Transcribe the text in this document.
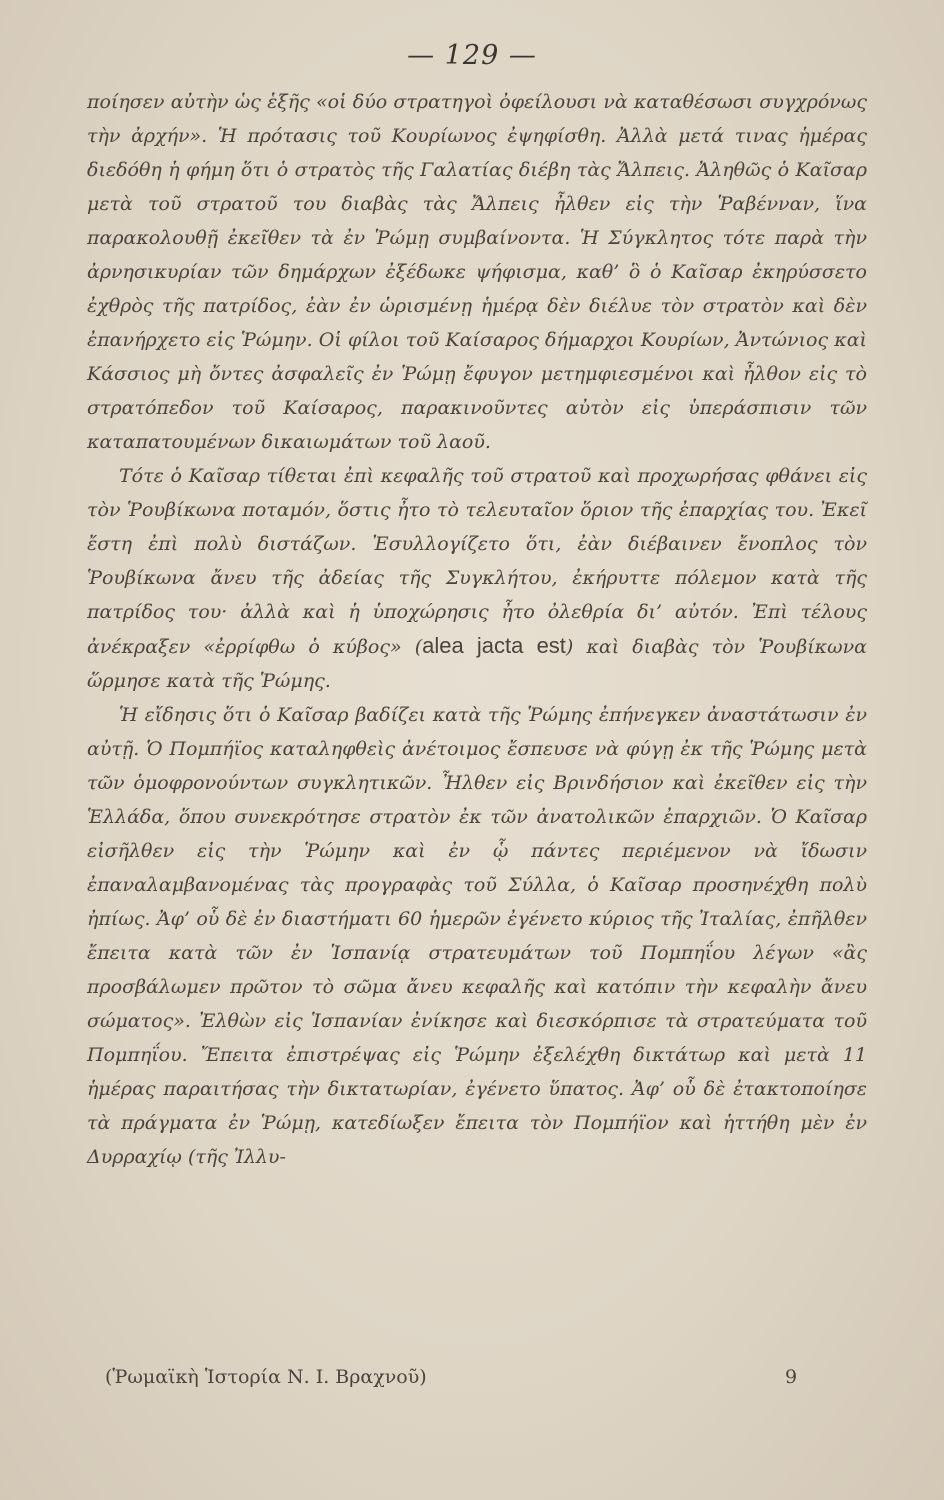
— 129 —

ποίησεν αὐτὴν ὡς ἑξῆς «οἱ δύο στρατηγοὶ ὀφείλουσι νὰ καταθέσωσι συγχρόνως τὴν ἀρχήν». Ἡ πρότασις τοῦ Κουρίωνος ἐψηφίσθη. Ἀλλὰ μετά τινας ἡμέρας διεδόθη ἡ φήμη ὅτι ὁ στρατὸς τῆς Γαλατίας διέβη τὰς Ἄλπεις. Ἀληθῶς ὁ Καῖσαρ μετὰ τοῦ στρατοῦ του διαβὰς τὰς Ἄλπεις ἦλθεν εἰς τὴν Ῥαβένναν, ἵνα παρακολουθῇ ἐκεῖθεν τὰ ἐν Ῥώμῃ συμβαίνοντα. Ἡ Σύγκλητος τότε παρὰ τὴν ἀρνησικυρίαν τῶν δημάρχων ἐξέδωκε ψήφισμα, καθ’ ὃ ὁ Καῖσαρ ἐκηρύσσετο ἐχθρὸς τῆς πατρίδος, ἐὰν ἐν ὡρισμένῃ ἡμέρᾳ δὲν διέλυε τὸν στρατὸν καὶ δὲν ἐπανήρχετο εἰς Ῥώμην. Οἱ φίλοι τοῦ Καίσαρος δήμαρχοι Κουρίων, Ἀντώνιος καὶ Κάσσιος μὴ ὄντες ἀσφαλεῖς ἐν Ῥώμῃ ἔφυγον μετημφιεσμένοι καὶ ἦλθον εἰς τὸ στρατόπεδον τοῦ Καίσαρος, παρακινοῦντες αὐτὸν εἰς ὑπεράσπισιν τῶν καταπατουμένων δικαιωμάτων τοῦ λαοῦ.

Τότε ὁ Καῖσαρ τίθεται ἐπὶ κεφαλῆς τοῦ στρατοῦ καὶ προχωρήσας φθάνει εἰς τὸν Ῥουβίκωνα ποταμόν, ὅστις ἦτο τὸ τελευταῖον ὅριον τῆς ἐπαρχίας του. Ἐκεῖ ἔστη ἐπὶ πολὺ διστάζων. Ἐσυλλογίζετο ὅτι, ἐὰν διέβαινεν ἔνοπλος τὸν Ῥουβίκωνα ἄνευ τῆς ἀδείας τῆς Συγκλήτου, ἐκήρυττε πόλεμον κατὰ τῆς πατρίδος του· ἀλλὰ καὶ ἡ ὑποχώρησις ἦτο ὀλεθρία δι’ αὐτόν. Ἐπὶ τέλους ἀνέκραξεν «ἐρρίφθω ὁ κύβος» (alea jacta est) καὶ διαβὰς τὸν Ῥουβίκωνα ὥρμησε κατὰ τῆς Ῥώμης.

Ἡ εἴδησις ὅτι ὁ Καῖσαρ βαδίζει κατὰ τῆς Ῥώμης ἐπήνεγκεν ἀναστάτωσιν ἐν αὐτῇ. Ὁ Πομπήϊος καταληφθεὶς ἀνέτοιμος ἔσπευσε νὰ φύγῃ ἐκ τῆς Ῥώμης μετὰ τῶν ὁμοφρονούντων συγκλητικῶν. Ἦλθεν εἰς Βρινδήσιον καὶ ἐκεῖθεν εἰς τὴν Ἑλλάδα, ὅπου συνεκρότησε στρατὸν ἐκ τῶν ἀνατολικῶν ἐπαρχιῶν. Ὁ Καῖσαρ εἰσῆλθεν εἰς τὴν Ῥώμην καὶ ἐν ᾧ πάντες περιέμενον νὰ ἴδωσιν ἐπαναλαμβανομένας τὰς προγραφὰς τοῦ Σύλλα, ὁ Καῖσαρ προσηνέχθη πολὺ ἠπίως. Ἀφ’ οὗ δὲ ἐν διαστήματι 60 ἡμερῶν ἐγένετο κύριος τῆς Ἰταλίας, ἐπῆλθεν ἔπειτα κατὰ τῶν ἐν Ἱσπανίᾳ στρατευμάτων τοῦ Πομπηΐου λέγων «ἂς προσβάλωμεν πρῶτον τὸ σῶμα ἄνευ κεφαλῆς καὶ κατόπιν τὴν κεφαλὴν ἄνευ σώματος». Ἐλθὼν εἰς Ἱσπανίαν ἐνίκησε καὶ διεσκόρπισε τὰ στρατεύματα τοῦ Πομπηΐου. Ἔπειτα ἐπιστρέψας εἰς Ῥώμην ἐξελέχθη δικτάτωρ καὶ μετὰ 11 ἡμέρας παραιτήσας τὴν δικτατωρίαν, ἐγένετο ὕπατος. Ἀφ’ οὗ δὲ ἐτακτοποίησε τὰ πράγματα ἐν Ῥώμῃ, κατεδίωξεν ἔπειτα τὸν Πομπήϊον καὶ ἡττήθη μὲν ἐν Δυρραχίῳ (τῆς Ἰλλυ-

(Ῥωμαϊκὴ Ἱστορία Ν. Ι. Βραχνοῦ)	9
